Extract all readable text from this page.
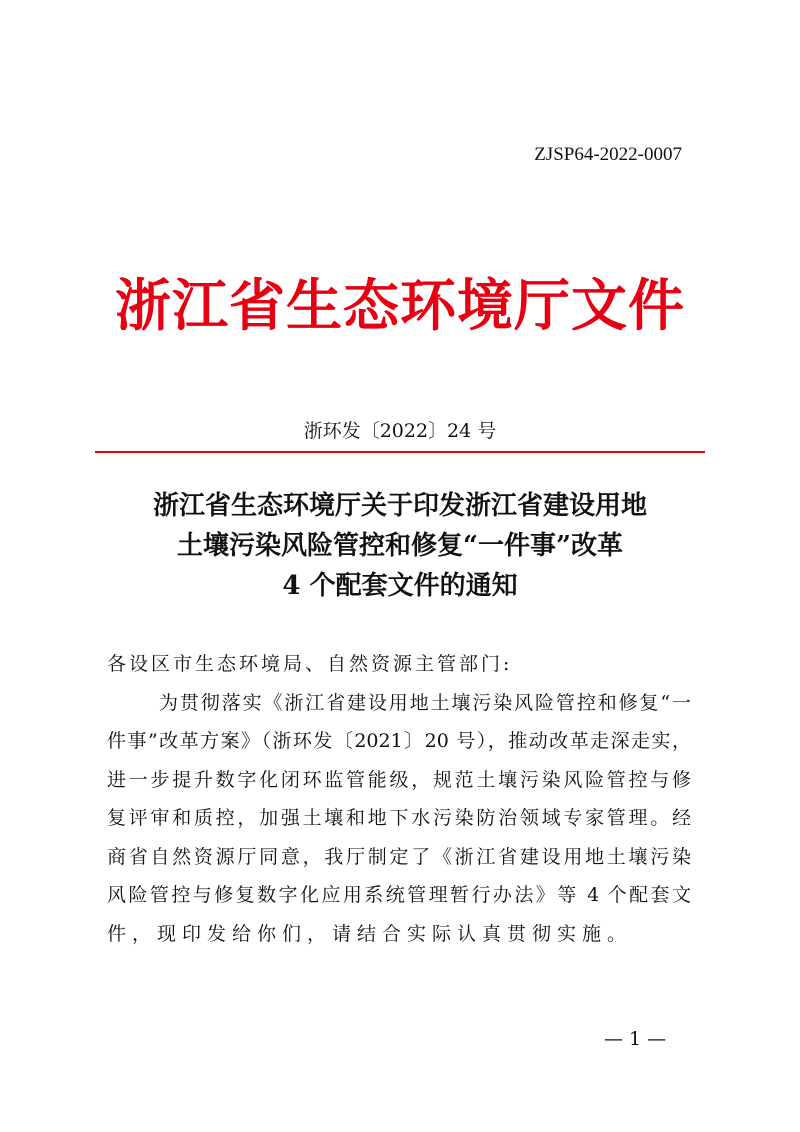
ZJSP64-2022-0007
浙江省生态环境厅文件
浙环发〔2022〕24 号
浙江省生态环境厅关于印发浙江省建设用地
土壤污染风险管控和修复“一件事”改革
4 个配套文件的通知
各设区市生态环境局、自然资源主管部门:
为贯彻落实《浙江省建设用地土壤污染风险管控和修复“一
件事”改革方案》（浙环发〔2021〕20 号），推动改革走深走实，
进一步提升数字化闭环监管能级，规范土壤污染风险管控与修
复评审和质控，加强土壤和地下水污染防治领域专家管理。经
商省自然资源厅同意，我厅制定了《浙江省建设用地土壤污染
风险管控与修复数字化应用系统管理暂行办法》等 4 个配套文
件，现印发给你们，请结合实际认真贯彻实施。
— 1 —
